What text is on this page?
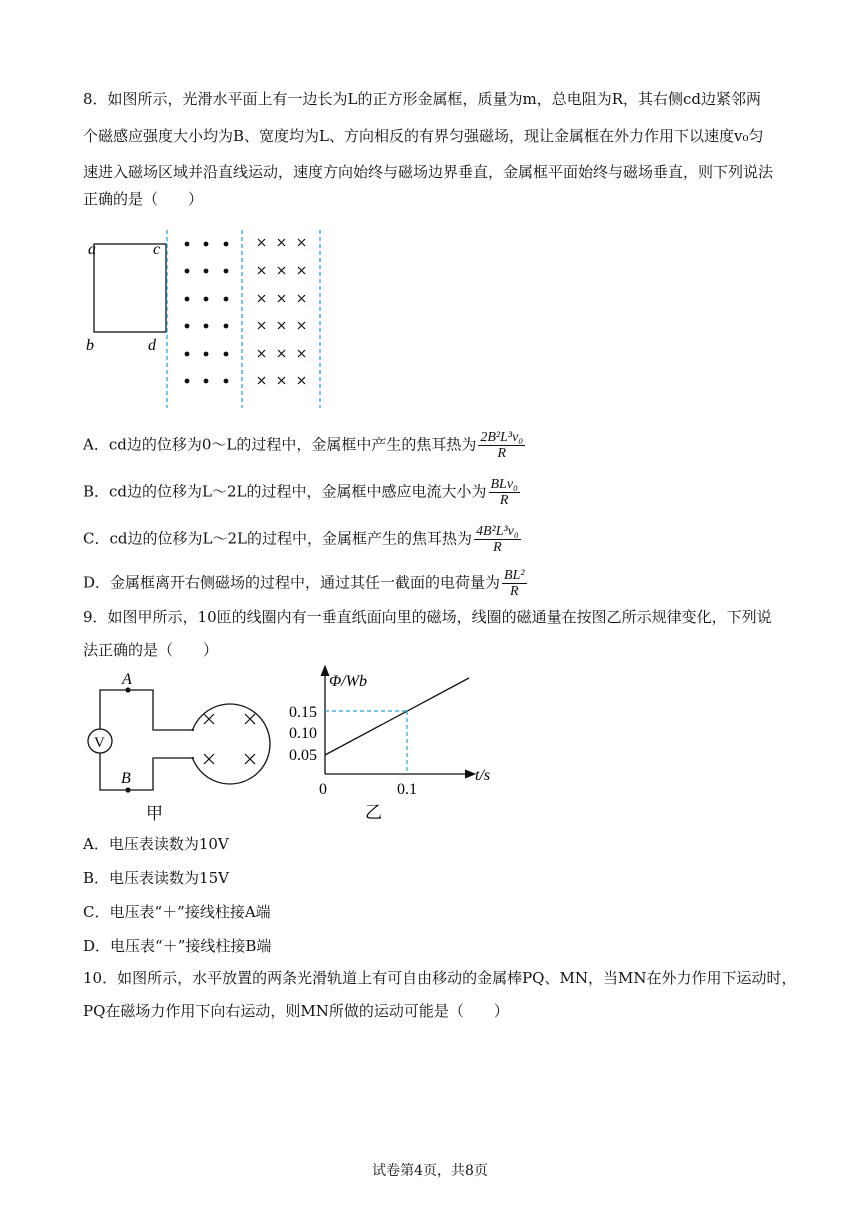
8．如图所示，光滑水平面上有一边长为L的正方形金属框，质量为m，总电阻为R，其右侧cd边紧邻两
个磁感应强度大小均为B、宽度均为L、方向相反的有界匀强磁场，现让金属框在外力作用下以速度v₀匀
速进入磁场区域并沿直线运动，速度方向始终与磁场边界垂直，金属框平面始终与磁场垂直，则下列说法
正确的是（　　）
a	c
b	d
A．cd边的位移为0～L的过程中，金属框中产生的焦耳热为 $\frac{\text{2B²L³v₀}}{R}$
B．cd边的位移为L～2L的过程中，金属框中感应电流大小为 $\frac{\text{BLv₀}}{R}$
C．cd边的位移为L～2L的过程中，金属框产生的焦耳热为 $\frac{\text{4B²L³v₀}}{R}$
D．金属框离开右侧磁场的过程中，通过其任一截面的电荷量为 $\frac{\text{BL²}}{R}$
9．如图甲所示，10匝的线圈内有一垂直纸面向里的磁场，线圈的磁通量在按图乙所示规律变化，下列说
法正确的是（　　）
V
A
B
甲
Φ/Wb
t/s
0.15
0.10
0.05
0	0.1
乙
A．电压表读数为10V
B．电压表读数为15V
C．电压表“＋”接线柱接A端
D．电压表“＋”接线柱接B端
10．如图所示，水平放置的两条光滑轨道上有可自由移动的金属棒PQ、MN，当MN在外力作用下运动时，
PQ在磁场力作用下向右运动，则MN所做的运动可能是（　　）
试卷第4页，共8页
